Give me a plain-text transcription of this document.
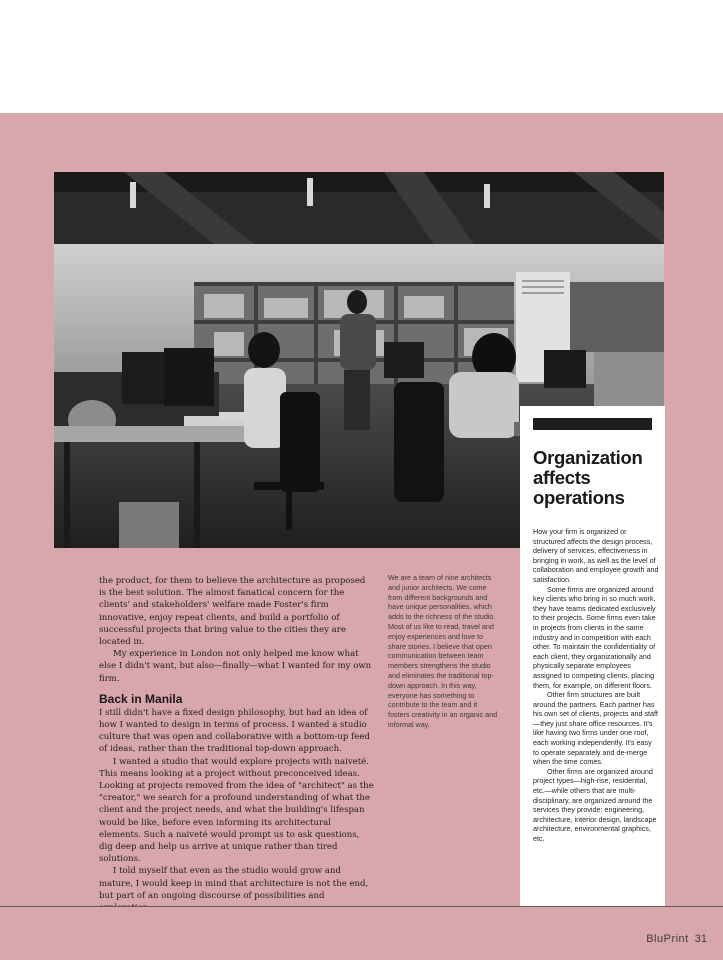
Organization affects operations

How your firm is organized or structured affects the design process, delivery of services, effectiveness in bringing in work, as well as the level of collaboration and employee growth and satisfaction.

Some firms are organized around key clients who bring in so much work, they have teams dedicated exclusively to their projects. Some firms even take in projects from clients in the same industry and in competition with each other. To maintain the confidentiality of each client, they organizationally and physically separate employees assigned to competing clients, placing them, for example, on different floors.

Other firm structures are built around the partners. Each partner has his own set of clients, projects and staff—they just share office resources. It's like having two firms under one roof, each working independently. It's easy to operate separately and de-merge when the time comes.

Other firms are organized around project types—high-rise, residential, etc.—while others that are multi-disciplinary, are organized around the services they provide: engineering, architecture, interior design, landscape architecture, environmental graphics, etc.

the product, for them to believe the architecture as proposed is the best solution. The almost fanatical concern for the clients' and stakeholders' welfare made Foster's firm innovative, enjoy repeat clients, and build a portfolio of successful projects that bring value to the cities they are located in.

My experience in London not only helped me know what else I didn't want, but also—finally—what I wanted for my own firm.

Back in Manila

I still didn't have a fixed design philosophy, but had an idea of how I wanted to design in terms of process. I wanted a studio culture that was open and collaborative with a bottom-up feed of ideas, rather than the traditional top-down approach.

I wanted a studio that would explore projects with naiveté. This means looking at a project without preconceived ideas. Looking at projects removed from the idea of "architect" as the "creator," we search for a profound understanding of what the client and the project needs, and what the building's lifespan would be like, before even informing its architectural elements. Such a naiveté would prompt us to ask questions, dig deep and help us arrive at unique rather than tired solutions.

I told myself that even as the studio would grow and mature, I would keep in mind that architecture is not the end, but part of an ongoing discourse of possibilities and

We are a team of nine architects and junior architects. We come from different backgrounds and have unique personalities, which adds to the richness of the studio. Most of us like to read, travel and enjoy experiences and love to share stories. I believe that open communication between team members strengthens the studio and eliminates the traditional top-down approach. In this way, everyone has something to contribute to the team and it fosters creativity in an organic and informal way.
BluPrint 31
